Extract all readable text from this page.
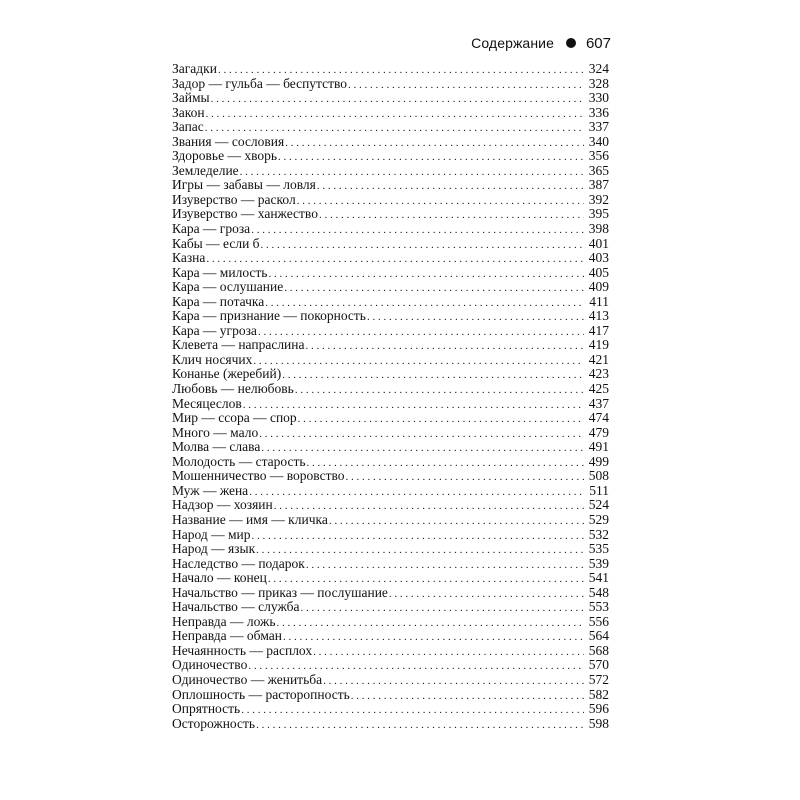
Содержание 607
Загадки . . .	324
Задор — гульба — беспутство . . .	328
Займы . . .	330
Закон . . .	336
Запас . . .	337
Звания — сословия . . .	340
Здоровье — хворь . . .	356
Земледелие . . .	365
Игры — забавы — ловля . . .	387
Изуверство — раскол . . .	392
Изуверство — ханжество . . .	395
Кара — гроза . . .	398
Кабы — если б . . .	401
Казна . . .	403
Кара — милость . . .	405
Кара — ослушание . . .	409
Кара — потачка . . .	411
Кара — признание — покорность . . .	413
Кара — угроза . . .	417
Клевета — напраслина . . .	419
Клич носячих . . .	421
Конанье (жеребий) . . .	423
Любовь — нелюбовь . . .	425
Месяцеслов . . .	437
Мир — ссора — спор . . .	474
Много — мало . . .	479
Молва — слава . . .	491
Молодость — старость . . .	499
Мошенничество — воровство . . .	508
Муж — жена . . .	511
Надзор — хозяин . . .	524
Название — имя — кличка . . .	529
Народ — мир . . .	532
Народ — язык . . .	535
Наследство — подарок . . .	539
Начало — конец . . .	541
Начальство — приказ — послушание . . .	548
Начальство — служба . . .	553
Неправда — ложь . . .	556
Неправда — обман . . .	564
Нечаянность — расплох . . .	568
Одиночество . . .	570
Одиночество — женитьба . . .	572
Оплошность — расторопность . . .	582
Опрятность . . .	596
Осторожность . . .	598
